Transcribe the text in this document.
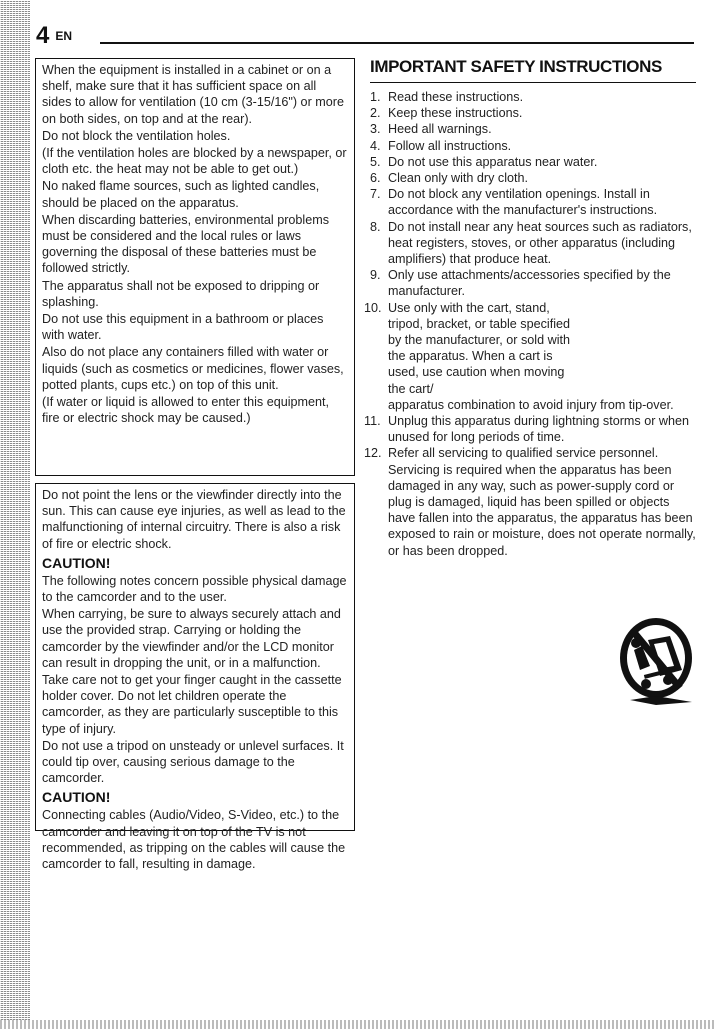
4 EN

When the equipment is installed in a cabinet or on a shelf, make sure that it has sufficient space on all sides to allow for ventilation (10 cm (3-15/16") or more on both sides, on top and at the rear).

Do not block the ventilation holes.

(If the ventilation holes are blocked by a newspaper, or cloth etc. the heat may not be able to get out.)

No naked flame sources, such as lighted candles, should be placed on the apparatus.

When discarding batteries, environmental problems must be considered and the local rules or laws governing the disposal of these batteries must be followed strictly.

The apparatus shall not be exposed to dripping or splashing.

Do not use this equipment in a bathroom or places with water.

Also do not place any containers filled with water or liquids (such as cosmetics or medicines, flower vases, potted plants, cups etc.) on top of this unit.

(If water or liquid is allowed to enter this equipment, fire or electric shock may be caused.)

Do not point the lens or the viewfinder directly into the sun. This can cause eye injuries, as well as lead to the malfunctioning of internal circuitry. There is also a risk of fire or electric shock.

CAUTION!

The following notes concern possible physical damage to the camcorder and to the user.

When carrying, be sure to always securely attach and use the provided strap. Carrying or holding the camcorder by the viewfinder and/or the LCD monitor can result in dropping the unit, or in a malfunction.

Take care not to get your finger caught in the cassette holder cover. Do not let children operate the camcorder, as they are particularly susceptible to this type of injury.

Do not use a tripod on unsteady or unlevel surfaces. It could tip over, causing serious damage to the camcorder.

CAUTION!

Connecting cables (Audio/Video, S-Video, etc.) to the camcorder and leaving it on top of the TV is not recommended, as tripping on the cables will cause the camcorder to fall, resulting in damage.

IMPORTANT SAFETY INSTRUCTIONS
1. Read these instructions.
2. Keep these instructions.
3. Heed all warnings.
4. Follow all instructions.
5. Do not use this apparatus near water.
6. Clean only with dry cloth.
7. Do not block any ventilation openings. Install in accordance with the manufacturer's instructions.
8. Do not install near any heat sources such as radiators, heat registers, stoves, or other apparatus (including amplifiers) that produce heat.
9. Only use attachments/accessories specified by the manufacturer.
10. Use only with the cart, stand, tripod, bracket, or table specified by the manufacturer, or sold with the apparatus. When a cart is used, use caution when moving the cart/
apparatus combination to avoid injury from tip-over.
11. Unplug this apparatus during lightning storms or when unused for long periods of time.
12. Refer all servicing to qualified service personnel. Servicing is required when the apparatus has been damaged in any way, such as power-supply cord or plug is damaged, liquid has been spilled or objects have fallen into the apparatus, the apparatus has been exposed to rain or moisture, does not operate normally, or has been dropped.
